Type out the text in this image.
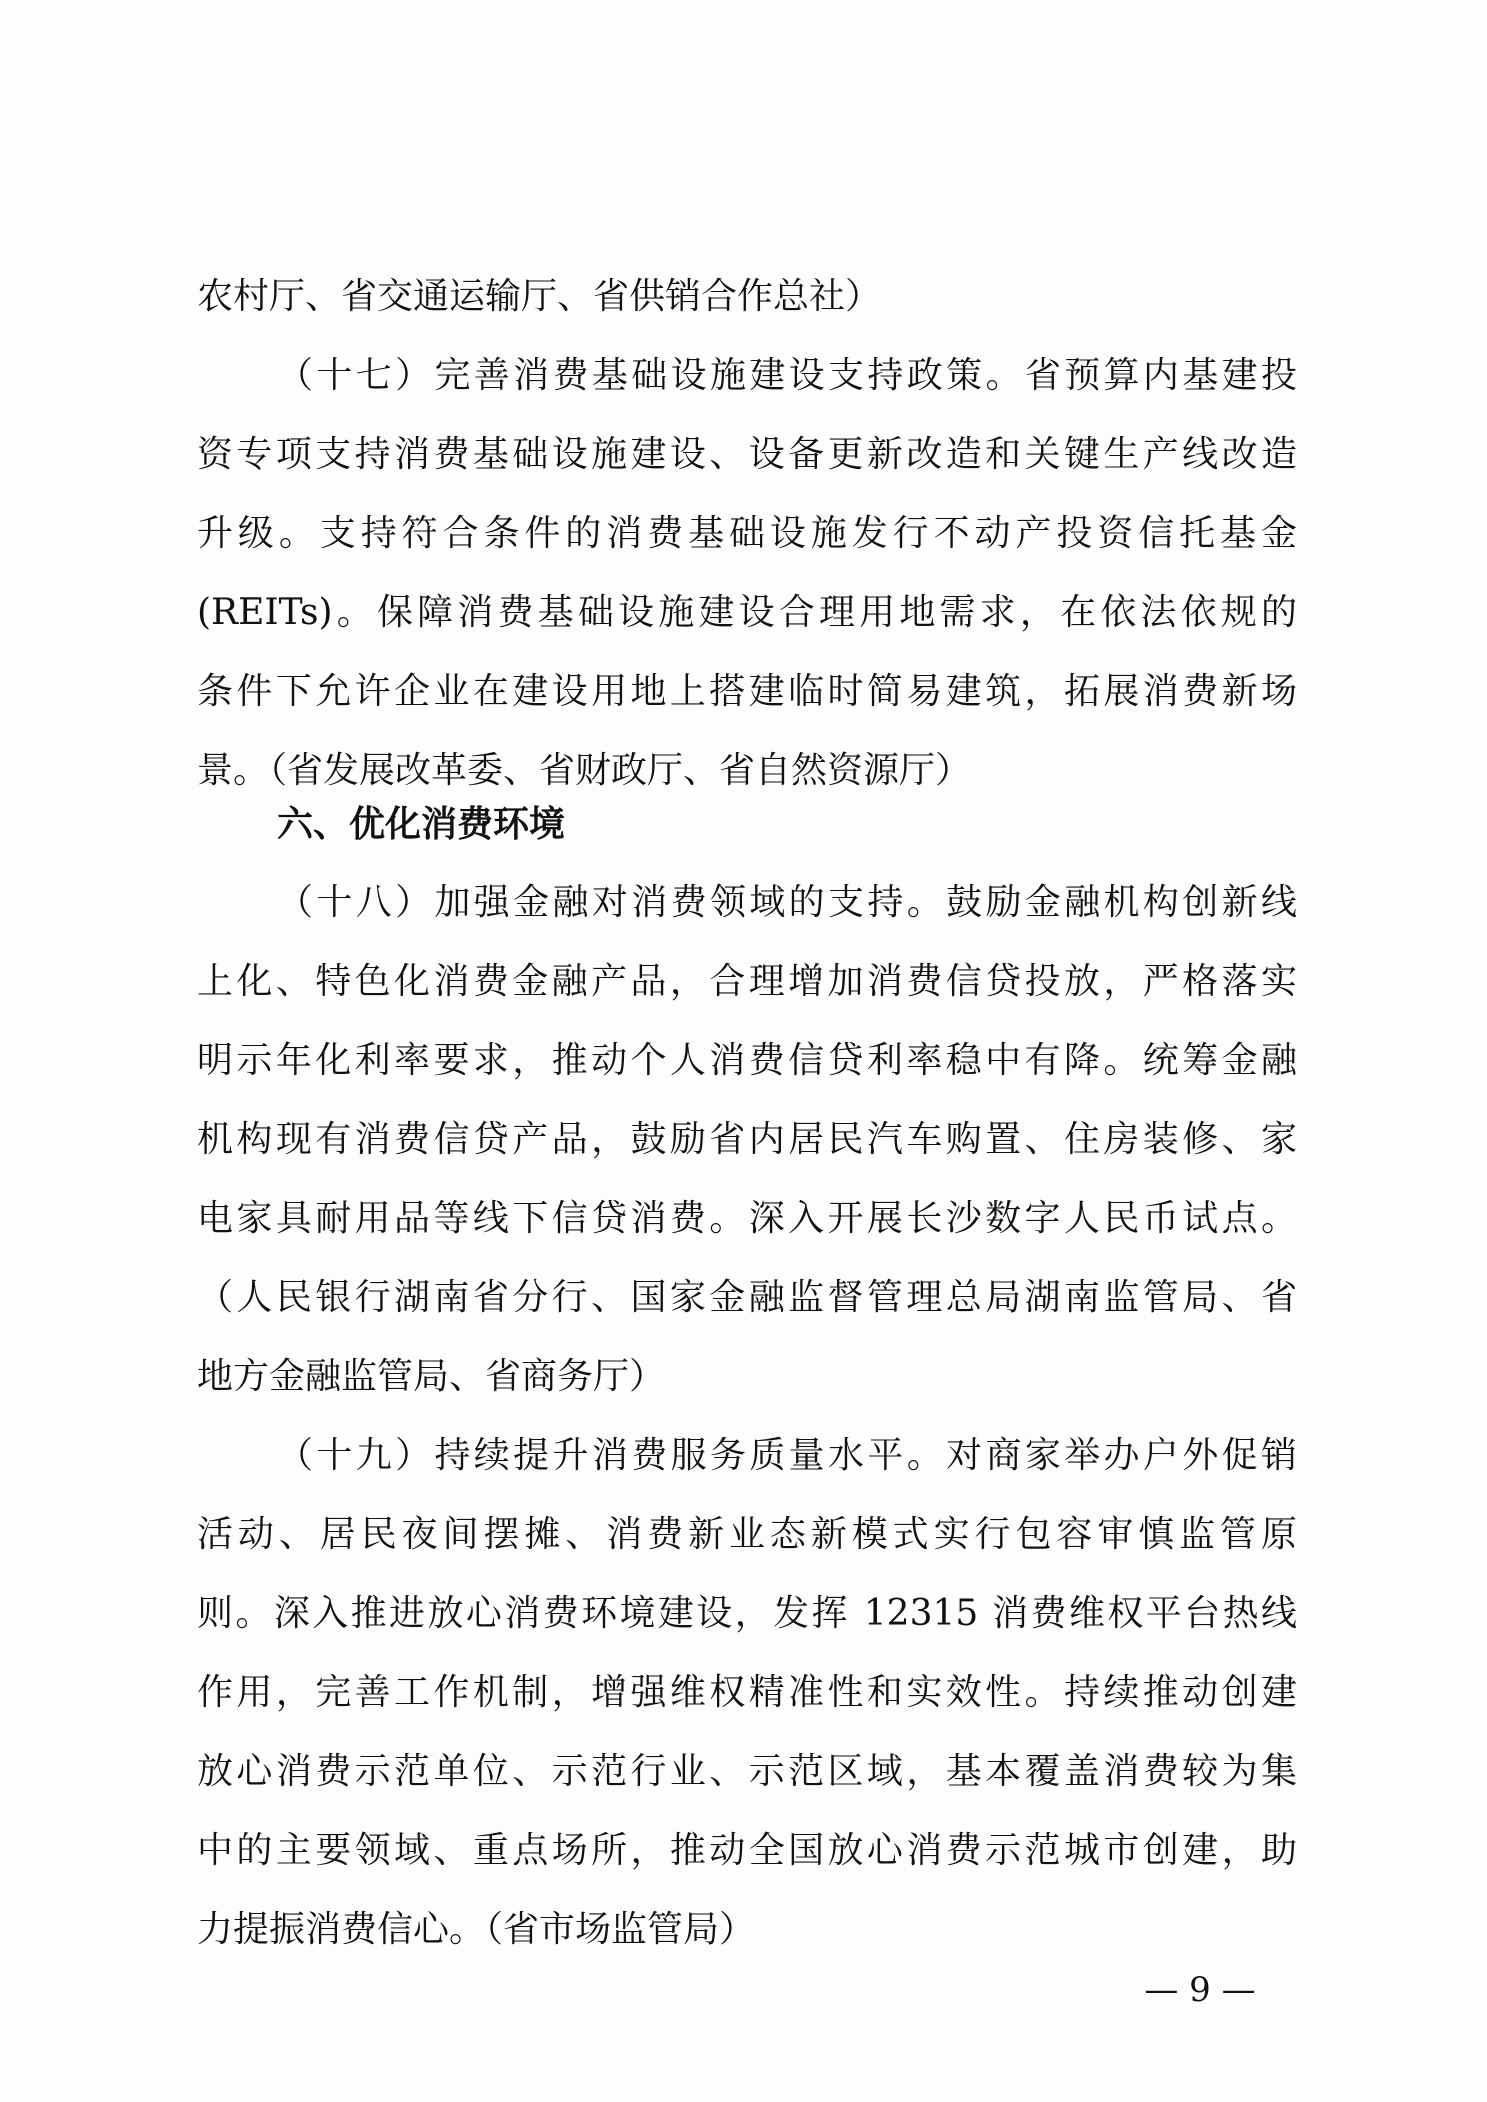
农村厅、省交通运输厅、省供销合作总社）
（十七）完善消费基础设施建设支持政策。省预算内基建投
资专项支持消费基础设施建设、设备更新改造和关键生产线改造
升级。支持符合条件的消费基础设施发行不动产投资信托基金
(REITs)。保障消费基础设施建设合理用地需求，在依法依规的
条件下允许企业在建设用地上搭建临时简易建筑，拓展消费新场
景。（省发展改革委、省财政厅、省自然资源厅）
六、优化消费环境
（十八）加强金融对消费领域的支持。鼓励金融机构创新线
上化、特色化消费金融产品，合理增加消费信贷投放，严格落实
明示年化利率要求，推动个人消费信贷利率稳中有降。统筹金融
机构现有消费信贷产品，鼓励省内居民汽车购置、住房装修、家
电家具耐用品等线下信贷消费。深入开展长沙数字人民币试点。
（人民银行湖南省分行、国家金融监督管理总局湖南监管局、省
地方金融监管局、省商务厅）
（十九）持续提升消费服务质量水平。对商家举办户外促销
活动、居民夜间摆摊、消费新业态新模式实行包容审慎监管原
则。深入推进放心消费环境建设，发挥 12315 消费维权平台热线
作用，完善工作机制，增强维权精准性和实效性。持续推动创建
放心消费示范单位、示范行业、示范区域，基本覆盖消费较为集
中的主要领域、重点场所，推动全国放心消费示范城市创建，助
力提振消费信心。（省市场监管局）
— 9 —
